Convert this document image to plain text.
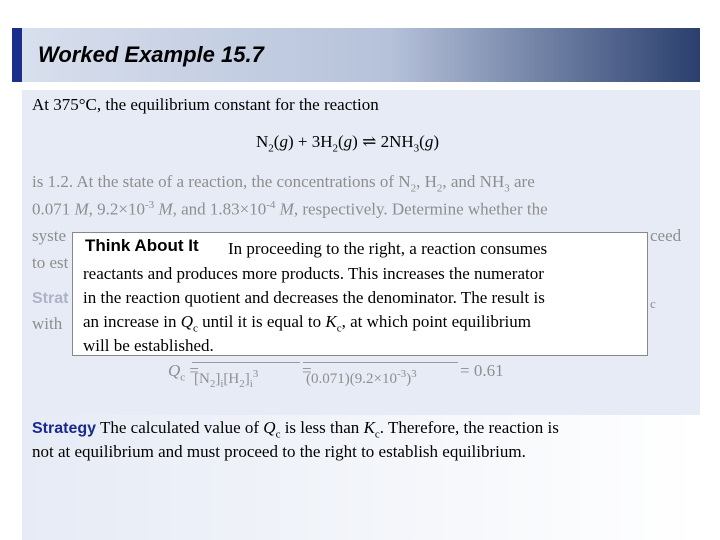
Worked Example 15.7
At 375°C, the equilibrium constant for the reaction
$N_2(g) + 3H_2(g)$ ⇌ $2NH_3(g)$
is 1.2. At the state of a reaction, the concentrations of $N_2$, $H_2$, and $NH_3$ are
0.071 M, $9.2\times 10^{-3}$ M, and $1.83\times 10^{-4}$ M, respectively. Determine whether the
syste	ceed
to est
Strat
with
c
$Q_c$ =
$[N_2]_i[H_2]_i^3$	=
$(0.071)(9.2\times 10^{-3})^3$	= 0.61
Think About It In proceeding to the right, a reaction consumes
reactants and produces more products. This increases the numerator
in the reaction quotient and decreases the denominator. The result is
an increase in $Q_c$ until it is equal to $K_c$, at which point equilibrium
will be established.
Strategy The calculated value of $Q_c$ is less than $K_c$. Therefore, the reaction is
not at equilibrium and must proceed to the right to establish equilibrium.
